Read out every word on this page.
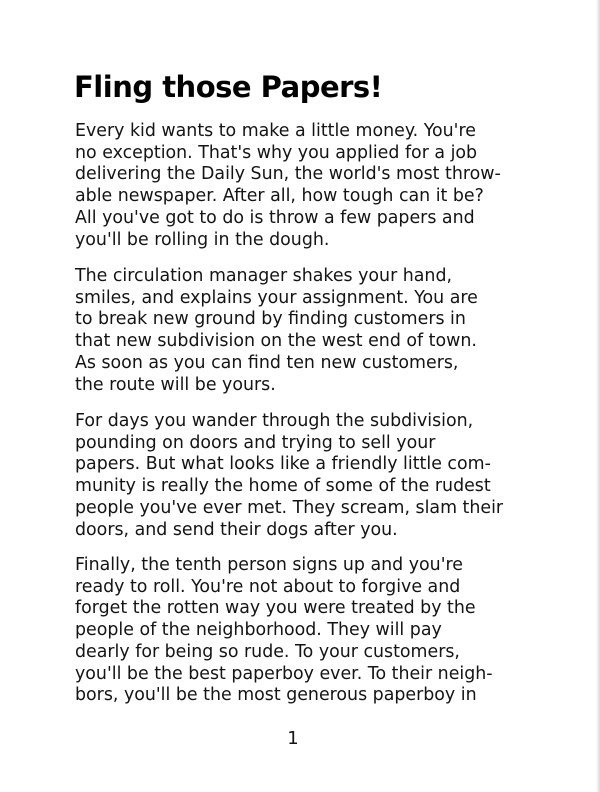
Fling those Papers!
Every kid wants to make a little money. You're
no exception. That's why you applied for a job
delivering the Daily Sun, the world's most throw-
able newspaper. After all, how tough can it be?
All you've got to do is throw a few papers and
you'll be rolling in the dough.
The circulation manager shakes your hand,
smiles, and explains your assignment. You are
to break new ground by finding customers in
that new subdivision on the west end of town.
As soon as you can find ten new customers,
the route will be yours.
For days you wander through the subdivision,
pounding on doors and trying to sell your
papers. But what looks like a friendly little com-
munity is really the home of some of the rudest
people you've ever met. They scream, slam their
doors, and send their dogs after you.
Finally, the tenth person signs up and you're
ready to roll. You're not about to forgive and
forget the rotten way you were treated by the
people of the neighborhood. They will pay
dearly for being so rude. To your customers,
you'll be the best paperboy ever. To their neigh-
bors, you'll be the most generous paperboy in
1
